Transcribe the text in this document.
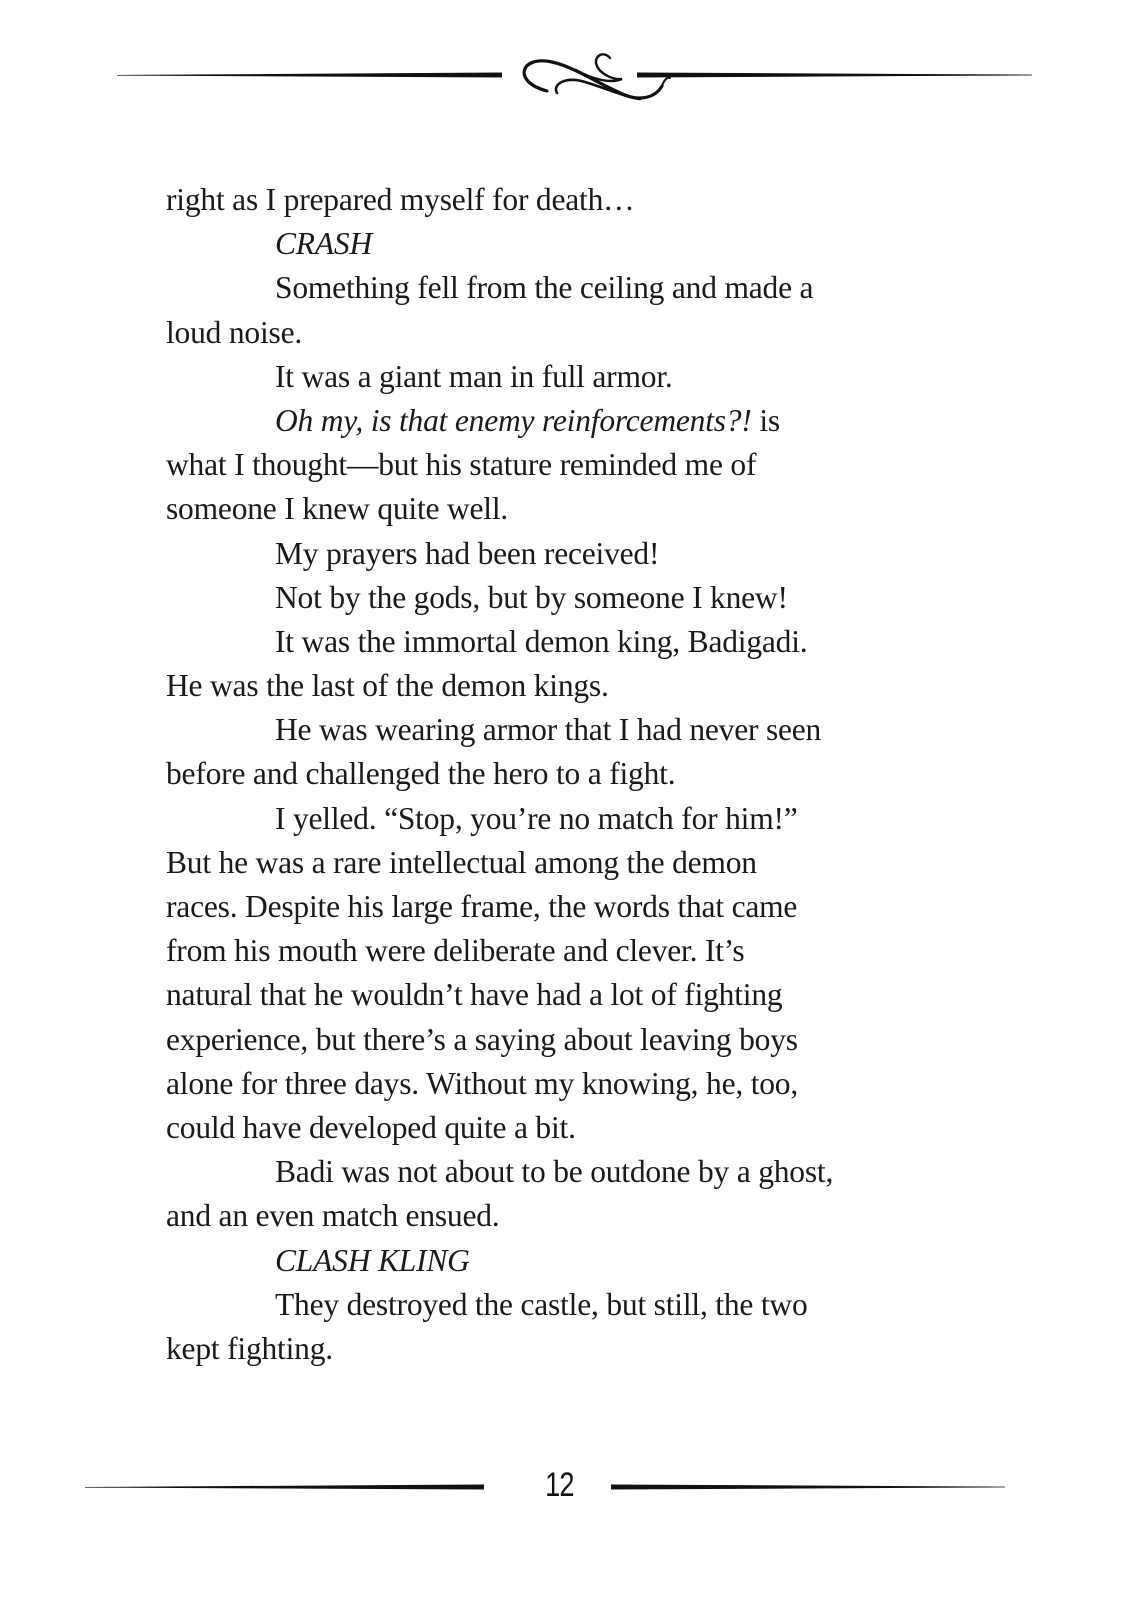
right as I prepared myself for death…
CRASH
Something fell from the ceiling and made a
loud noise.
It was a giant man in full armor.
Oh my, is that enemy reinforcements?! is
what I thought—but his stature reminded me of
someone I knew quite well.
My prayers had been received!
Not by the gods, but by someone I knew!
It was the immortal demon king, Badigadi.
He was the last of the demon kings.
He was wearing armor that I had never seen
before and challenged the hero to a fight.
I yelled. “Stop, you’re no match for him!”
But he was a rare intellectual among the demon
races. Despite his large frame, the words that came
from his mouth were deliberate and clever. It’s
natural that he wouldn’t have had a lot of fighting
experience, but there’s a saying about leaving boys
alone for three days. Without my knowing, he, too,
could have developed quite a bit.
Badi was not about to be outdone by a ghost,
and an even match ensued.
CLASH KLING
They destroyed the castle, but still, the two
kept fighting.
12
